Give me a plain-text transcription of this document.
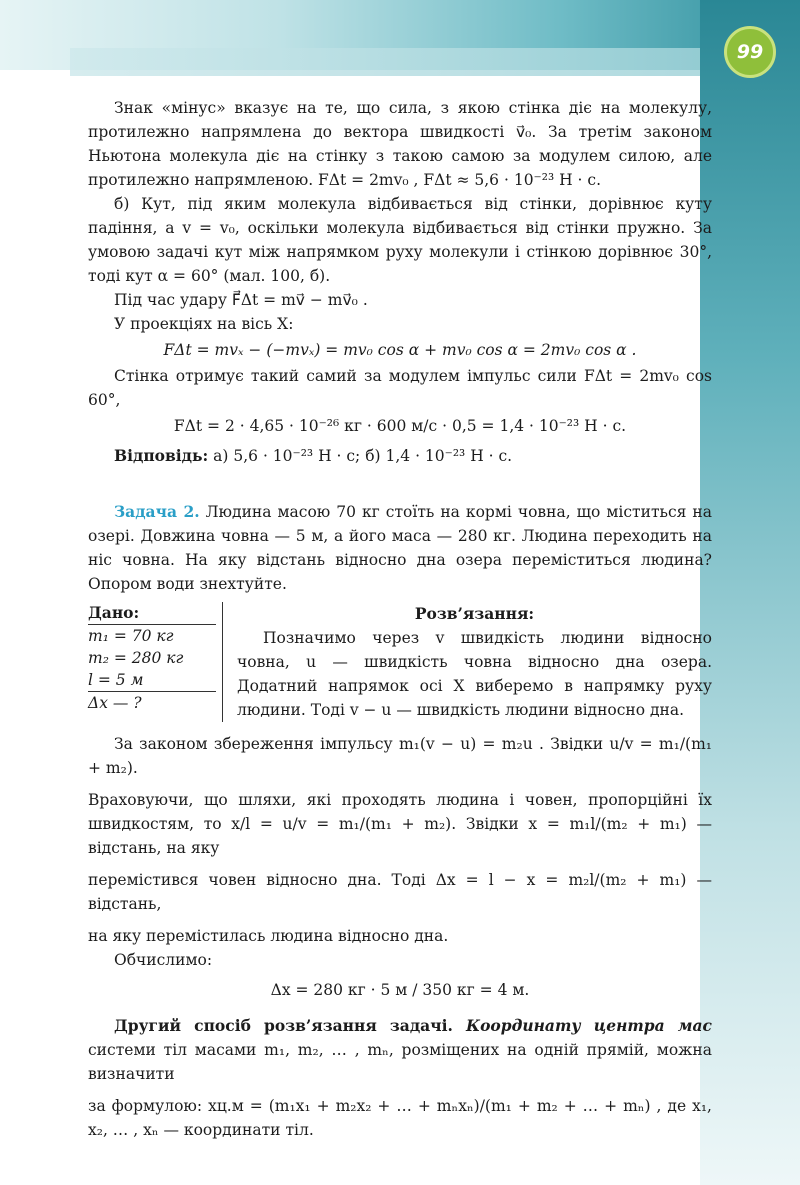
99

Знак «мінус» вказує на те, що сила, з якою стінка діє на молекулу, протилежно напрямлена до вектора швидкості v⃗₀. За третім законом Ньютона молекула діє на стінку з такою самою за модулем силою, але протилежно напрямленою. FΔt = 2mv₀ , FΔt ≈ 5,6 · 10⁻²³ Н · с.

б) Кут, під яким молекула відбивається від стінки, дорівнює куту падіння, а v = v₀, оскільки молекула відбивається від стінки пружно. За умовою задачі кут між напрямком руху молекули і стінкою дорівнює 30°, тоді кут α = 60° (мал. 100, б).

Під час удару F⃗Δt = mv⃗ − mv⃗₀ .

У проекціях на вісь X:

FΔt = mvₓ − (−mvₓ) = mv₀ cos α + mv₀ cos α = 2mv₀ cos α .

Стінка отримує такий самий за модулем імпульс сили FΔt = 2mv₀ cos 60°,

FΔt = 2 · 4,65 · 10⁻²⁶ кг · 600 м/с · 0,5 = 1,4 · 10⁻²³ Н · с.

Відповідь: а) 5,6 · 10⁻²³ Н · с; б) 1,4 · 10⁻²³ Н · с.

Задача 2. Людина масою 70 кг стоїть на кормі човна, що міститься на озері. Довжина човна — 5 м, а його маса — 280 кг. Людина переходить на ніс човна. На яку відстань відносно дна озера переміститься людина? Опором води знехтуйте.

Дано:
m₁ = 70 кг
m₂ = 280 кг
l = 5 м
Δx — ?

Розв’язання:

Позначимо через v швидкість людини відносно човна, u — швидкість човна відносно дна озера. Додатний напрямок осі X виберемо в напрямку руху людини. Тоді v − u — швидкість людини відносно дна.

За законом збереження імпульсу m₁(v − u) = m₂u . Звідки u/v = m₁/(m₁ + m₂).

Враховуючи, що шляхи, які проходять людина і човен, пропорційні їх швидкостям, то x/l = u/v = m₁/(m₁ + m₂). Звідки x = m₁l/(m₂ + m₁) — відстань, на яку

перемістився човен відносно дна. Тоді Δx = l − x = m₂l/(m₂ + m₁) — відстань,

на яку перемістилась людина відносно дна.

Обчислимо:

Δx = 280 кг · 5 м / 350 кг = 4 м.

Другий спосіб розв’язання задачі. Координату центра мас системи тіл масами m₁, m₂, … , mₙ, розміщених на одній прямій, можна визначити

за формулою: xц.м = (m₁x₁ + m₂x₂ + … + mₙxₙ)/(m₁ + m₂ + … + mₙ) , де x₁, x₂, … , xₙ — координати тіл.
